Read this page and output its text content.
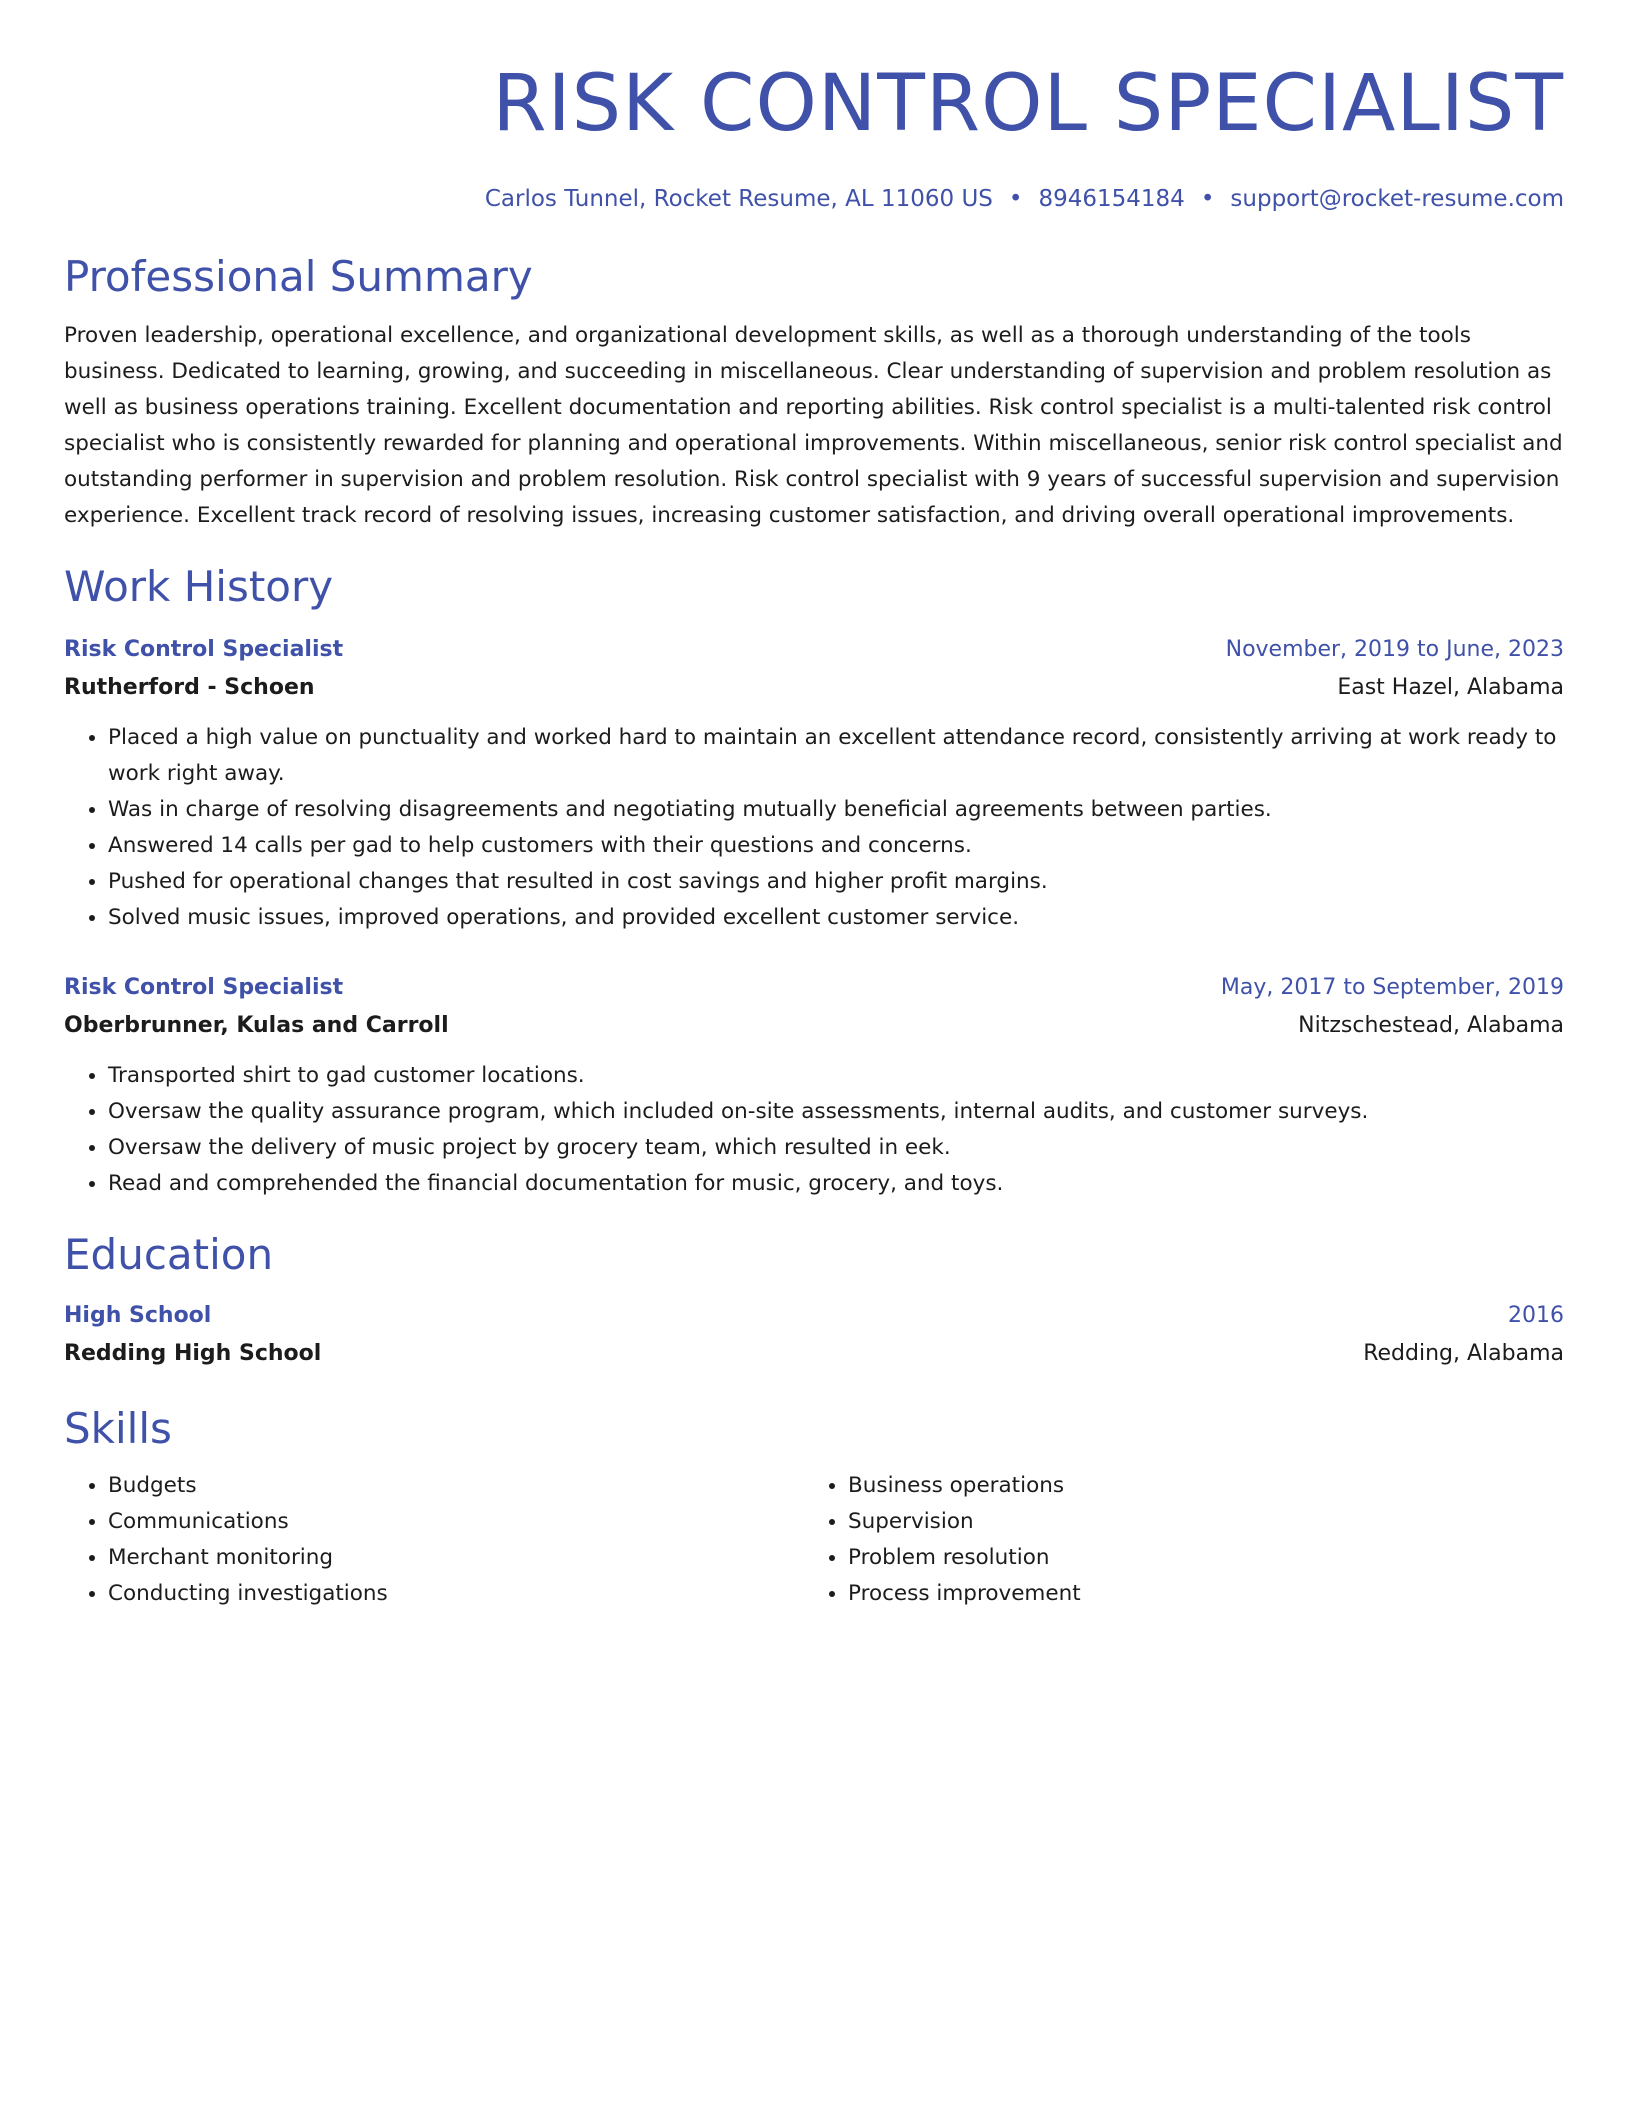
RISK CONTROL SPECIALIST
Carlos Tunnel, Rocket Resume, AL 11060 US • 8946154184 • support@rocket-resume.com
Professional Summary
Proven leadership, operational excellence, and organizational development skills, as well as a thorough understanding of the tools business. Dedicated to learning, growing, and succeeding in miscellaneous. Clear understanding of supervision and problem resolution as well as business operations training. Excellent documentation and reporting abilities. Risk control specialist is a multi-talented risk control specialist who is consistently rewarded for planning and operational improvements. Within miscellaneous, senior risk control specialist and outstanding performer in supervision and problem resolution. Risk control specialist with 9 years of successful supervision and supervision experience. Excellent track record of resolving issues, increasing customer satisfaction, and driving overall operational improvements.
Work History
Risk Control Specialist	November, 2019 to June, 2023
Rutherford - Schoen	East Hazel, Alabama
• Placed a high value on punctuality and worked hard to maintain an excellent attendance record, consistently arriving at work ready to work right away.
• Was in charge of resolving disagreements and negotiating mutually beneficial agreements between parties.
• Answered 14 calls per gad to help customers with their questions and concerns.
• Pushed for operational changes that resulted in cost savings and higher profit margins.
• Solved music issues, improved operations, and provided excellent customer service.
Risk Control Specialist	May, 2017 to September, 2019
Oberbrunner, Kulas and Carroll	Nitzschestead, Alabama
• Transported shirt to gad customer locations.
• Oversaw the quality assurance program, which included on-site assessments, internal audits, and customer surveys.
• Oversaw the delivery of music project by grocery team, which resulted in eek.
• Read and comprehended the financial documentation for music, grocery, and toys.
Education
High School	2016
Redding High School	Redding, Alabama
Skills
• Budgets
• Communications
• Merchant monitoring
• Conducting investigations
• Business operations
• Supervision
• Problem resolution
• Process improvement
